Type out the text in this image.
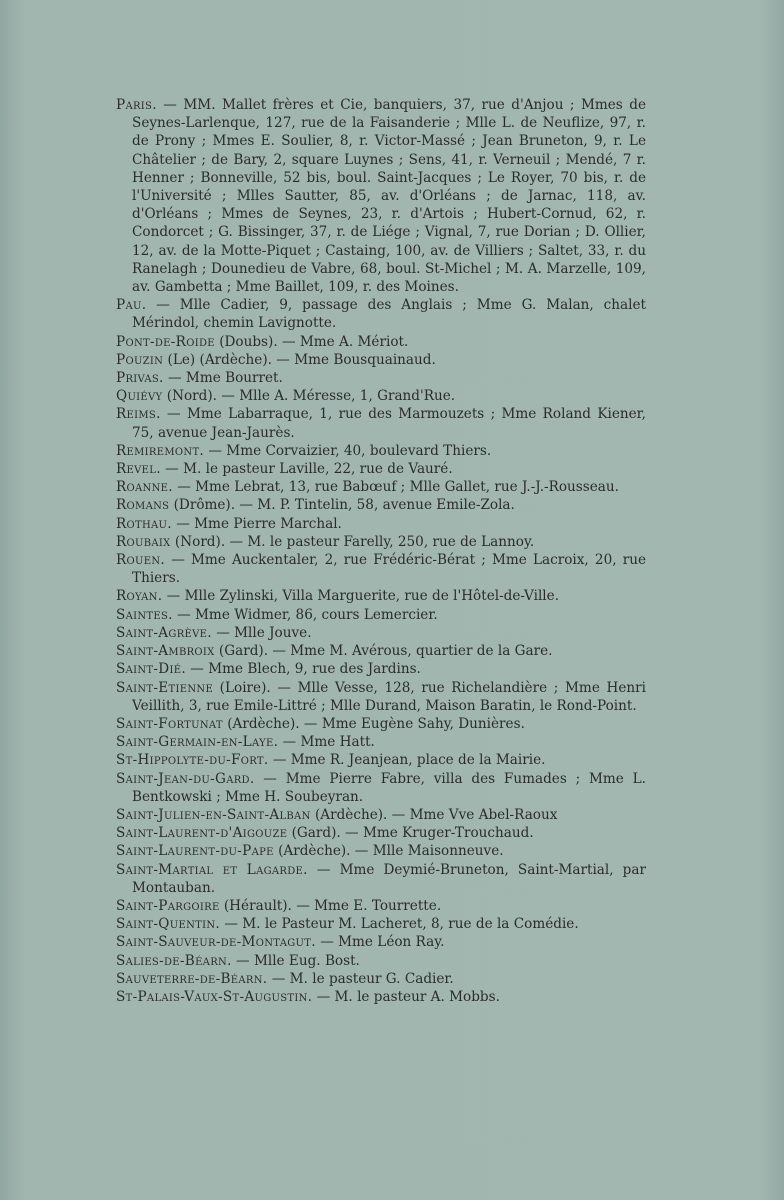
Paris. — MM. Mallet frères et Cie, banquiers, 37, rue d'Anjou ; Mmes de Seynes-Larlenque, 127, rue de la Faisanderie ; Mlle L. de Neuflize, 97, r. de Prony ; Mmes E. Soulier, 8, r. Victor-Massé ; Jean Bruneton, 9, r. Le Châtelier ; de Bary, 2, square Luynes ; Sens, 41, r. Verneuil ; Mendé, 7 r. Henner ; Bonneville, 52 bis, boul. Saint-Jacques ; Le Royer, 70 bis, r. de l'Université ; Mlles Sautter, 85, av. d'Orléans ; de Jarnac, 118, av. d'Orléans ; Mmes de Seynes, 23, r. d'Artois ; Hubert-Cornud, 62, r. Condorcet ; G. Bissinger, 37, r. de Liége ; Vignal, 7, rue Dorian ; D. Ollier, 12, av. de la Motte-Piquet ; Castaing, 100, av. de Villiers ; Saltet, 33, r. du Ranelagh ; Dounedieu de Vabre, 68, boul. St-Michel ; M. A. Marzelle, 109, av. Gambetta ; Mme Baillet, 109, r. des Moines.
Pau. — Mlle Cadier, 9, passage des Anglais ; Mme G. Malan, chalet Mérindol, chemin Lavignotte.
Pont-de-Roide (Doubs). — Mme A. Mériot.
Pouzin (Le) (Ardèche). — Mme Bousquainaud.
Privas. — Mme Bourret.
Quiévy (Nord). — Mlle A. Méresse, 1, Grand'Rue.
Reims. — Mme Labarraque, 1, rue des Marmouzets ; Mme Roland Kiener, 75, avenue Jean-Jaurès.
Remiremont. — Mme Corvaizier, 40, boulevard Thiers.
Revel. — M. le pasteur Laville, 22, rue de Vauré.
Roanne. — Mme Lebrat, 13, rue Babœuf ; Mlle Gallet, rue J.-J.-Rousseau.
Romans (Drôme). — M. P. Tintelin, 58, avenue Emile-Zola.
Rothau. — Mme Pierre Marchal.
Roubaix (Nord). — M. le pasteur Farelly, 250, rue de Lannoy.
Rouen. — Mme Auckentaler, 2, rue Frédéric-Bérat ; Mme Lacroix, 20, rue Thiers.
Royan. — Mlle Zylinski, Villa Marguerite, rue de l'Hôtel-de-Ville.
Saintes. — Mme Widmer, 86, cours Lemercier.
Saint-Agrève. — Mlle Jouve.
Saint-Ambroix (Gard). — Mme M. Avérous, quartier de la Gare.
Saint-Dié. — Mme Blech, 9, rue des Jardins.
Saint-Etienne (Loire). — Mlle Vesse, 128, rue Richelandière ; Mme Henri Veillith, 3, rue Emile-Littré ; Mlle Durand, Maison Baratin, le Rond-Point.
Saint-Fortunat (Ardèche). — Mme Eugène Sahy, Dunières.
Saint-Germain-en-Laye. — Mme Hatt.
St-Hippolyte-du-Fort. — Mme R. Jeanjean, place de la Mairie.
Saint-Jean-du-Gard. — Mme Pierre Fabre, villa des Fumades ; Mme L. Bentkowski ; Mme H. Soubeyran.
Saint-Julien-en-Saint-Alban (Ardèche). — Mme Vve Abel-Raoux
Saint-Laurent-d'Aigouze (Gard). — Mme Kruger-Trouchaud.
Saint-Laurent-du-Pape (Ardèche). — Mlle Maisonneuve.
Saint-Martial et Lagarde. — Mme Deymié-Bruneton, Saint-Martial, par Montauban.
Saint-Pargoire (Hérault). — Mme E. Tourrette.
Saint-Quentin. — M. le Pasteur M. Lacheret, 8, rue de la Comédie.
Saint-Sauveur-de-Montagut. — Mme Léon Ray.
Salies-de-Béarn. — Mlle Eug. Bost.
Sauveterre-de-Béarn. — M. le pasteur G. Cadier.
St-Palais-Vaux-St-Augustin. — M. le pasteur A. Mobbs.
